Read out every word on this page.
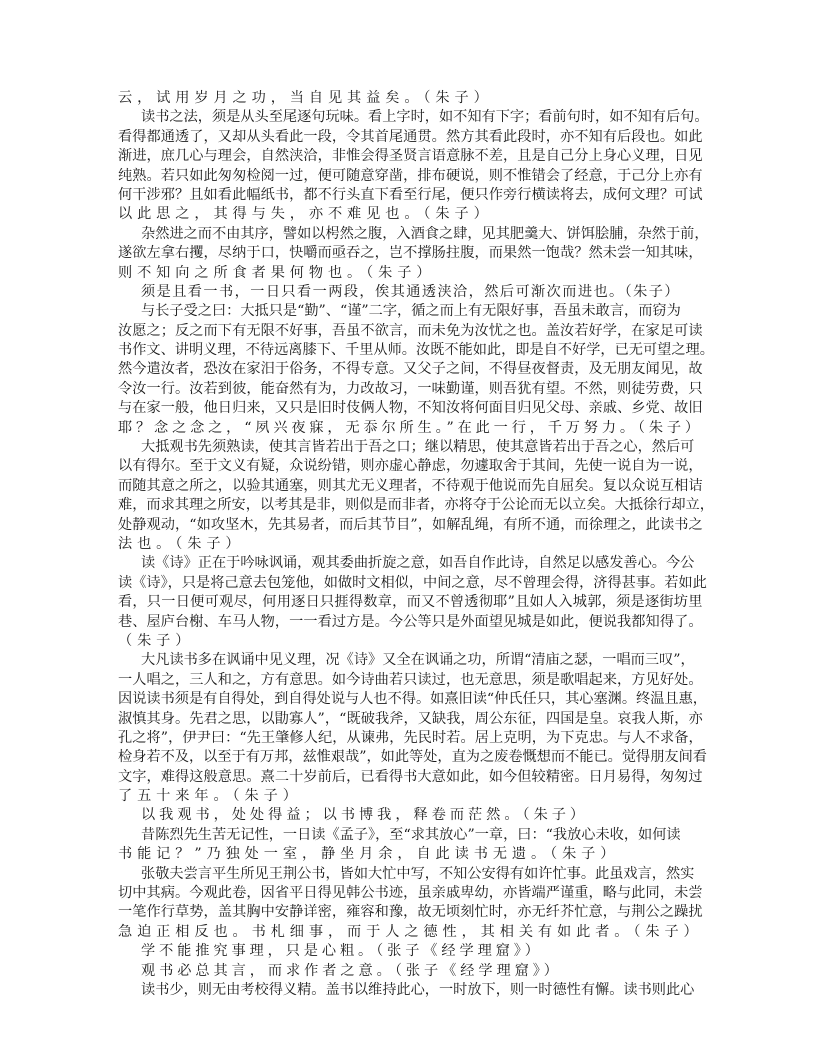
云，试用岁月之功，当自见其益矣。（朱子）
读书之法，须是从头至尾逐句玩味。看上字时，如不知有下字；看前句时，如不知有后句。
看得都通透了，又却从头看此一段，令其首尾通贯。然方其看此段时，亦不知有后段也。如此
渐进，庶几心与理会，自然浃洽，非惟会得圣贤言语意脉不差，且是自己分上身心义理，日见
纯熟。若只如此匆匆检阅一过，便可随意穿凿，排布硬说，则不惟错会了经意，于己分上亦有
何干涉邪？且如看此幅纸书，都不行头直下看至行尾，便只作旁行横读将去，成何文理？可试
以此思之，其得与失，亦不难见也。（朱子）
杂然进之而不由其序，譬如以枵然之腹，入酒食之肆，见其肥羹大、饼饵脍脯，杂然于前，
遂欲左拿右攫，尽纳于口，快嚼而亟吞之，岂不撑肠拄腹，而果然一饱哉？然未尝一知其味，
则不知向之所食者果何物也。（朱子）
须是且看一书，一日只看一两段，俟其通透浃洽，然后可渐次而进也。（朱子）
与长子受之曰：大抵只是“勤”、“谨”二字，循之而上有无限好事，吾虽未敢言，而窃为
汝愿之；反之而下有无限不好事，吾虽不欲言，而未免为汝忧之也。盖汝若好学，在家足可读
书作文、讲明义理，不待远离膝下、千里从师。汝既不能如此，即是自不好学，已无可望之理。
然今遣汝者，恐汝在家汨于俗务，不得专意。又父子之间，不得昼夜督责，及无朋友闻见，故
令汝一行。汝若到彼，能奋然有为，力改故习，一味勤谨，则吾犹有望。不然，则徒劳费，只
与在家一般，他日归来，又只是旧时伎俩人物，不知汝将何面目归见父母、亲戚、乡党、故旧
耶？念之念之，“夙兴夜寐，无忝尔所生。”在此一行，千万努力。（朱子）
大抵观书先须熟读，使其言皆若出于吾之口；继以精思，使其意皆若出于吾之心，然后可
以有得尔。至于文义有疑，众说纷错，则亦虚心静虑，勿遽取舍于其间，先使一说自为一说，
而随其意之所之，以验其通塞，则其尤无义理者，不待观于他说而先自屈矣。复以众说互相诘
难，而求其理之所安，以考其是非，则似是而非者，亦将夺于公论而无以立矣。大抵徐行却立，
处静观动，“如攻坚木，先其易者，而后其节目”，如解乱绳，有所不通，而徐理之，此读书之
法也。（朱子）
读《诗》正在于吟咏讽诵，观其委曲折旋之意，如吾自作此诗，自然足以感发善心。今公
读《诗》，只是将己意去包笼他，如做时文相似，中间之意，尽不曾理会得，济得甚事。若如此
看，只一日便可观尽，何用逐日只捱得数章，而又不曾透彻耶”且如人入城郭，须是逐街坊里
巷、屋庐台榭、车马人物，一一看过方是。今公等只是外面望见城是如此，便说我都知得了。
（朱子）
大凡读书多在讽诵中见义理，况《诗》又全在讽诵之功，所谓“清庙之瑟，一唱而三叹”，
一人唱之，三人和之，方有意思。如今诗曲若只读过，也无意思，须是歌唱起来，方见好处。
因说读书须是有自得处，到自得处说与人也不得。如熹旧读“仲氏任只，其心塞渊。终温且惠，
淑慎其身。先君之思，以勖寡人”，“既破我斧，又缺我，周公东征，四国是皇。哀我人斯，亦
孔之将”，伊尹曰：“先王肇修人纪，从谏弗，先民时若。居上克明，为下克忠。与人不求备，
检身若不及，以至于有万邦，兹惟艰哉”，如此等处，直为之废卷慨想而不能已。觉得朋友间看
文字，难得这般意思。熹二十岁前后，已看得书大意如此，如今但较精密。日月易得，匆匆过
了五十来年。（朱子）
以我观书，处处得益；以书博我，释卷而茫然。（朱子）
昔陈烈先生苦无记性，一日读《孟子》，至“求其放心”一章，曰：“我放心未收，如何读
书能记？”乃独处一室，静坐月余，自此读书无遗。（朱子）
张敬夫尝言平生所见王荆公书，皆如大忙中写，不知公安得有如许忙事。此虽戏言，然实
切中其病。今观此卷，因省平日得见韩公书迹，虽亲戚卑幼，亦皆端严谨重，略与此同，未尝
一笔作行草势，盖其胸中安静详密，雍容和豫，故无顷刻忙时，亦无纤芥忙意，与荆公之躁扰
急迫正相反也。书札细事，而于人之德性，其相关有如此者。（朱子）
学不能推究事理，只是心粗。（张子《经学理窟》）
观书必总其言，而求作者之意。（张子《经学理窟》）
读书少，则无由考校得义精。盖书以维持此心，一时放下，则一时德性有懈。读书则此心
